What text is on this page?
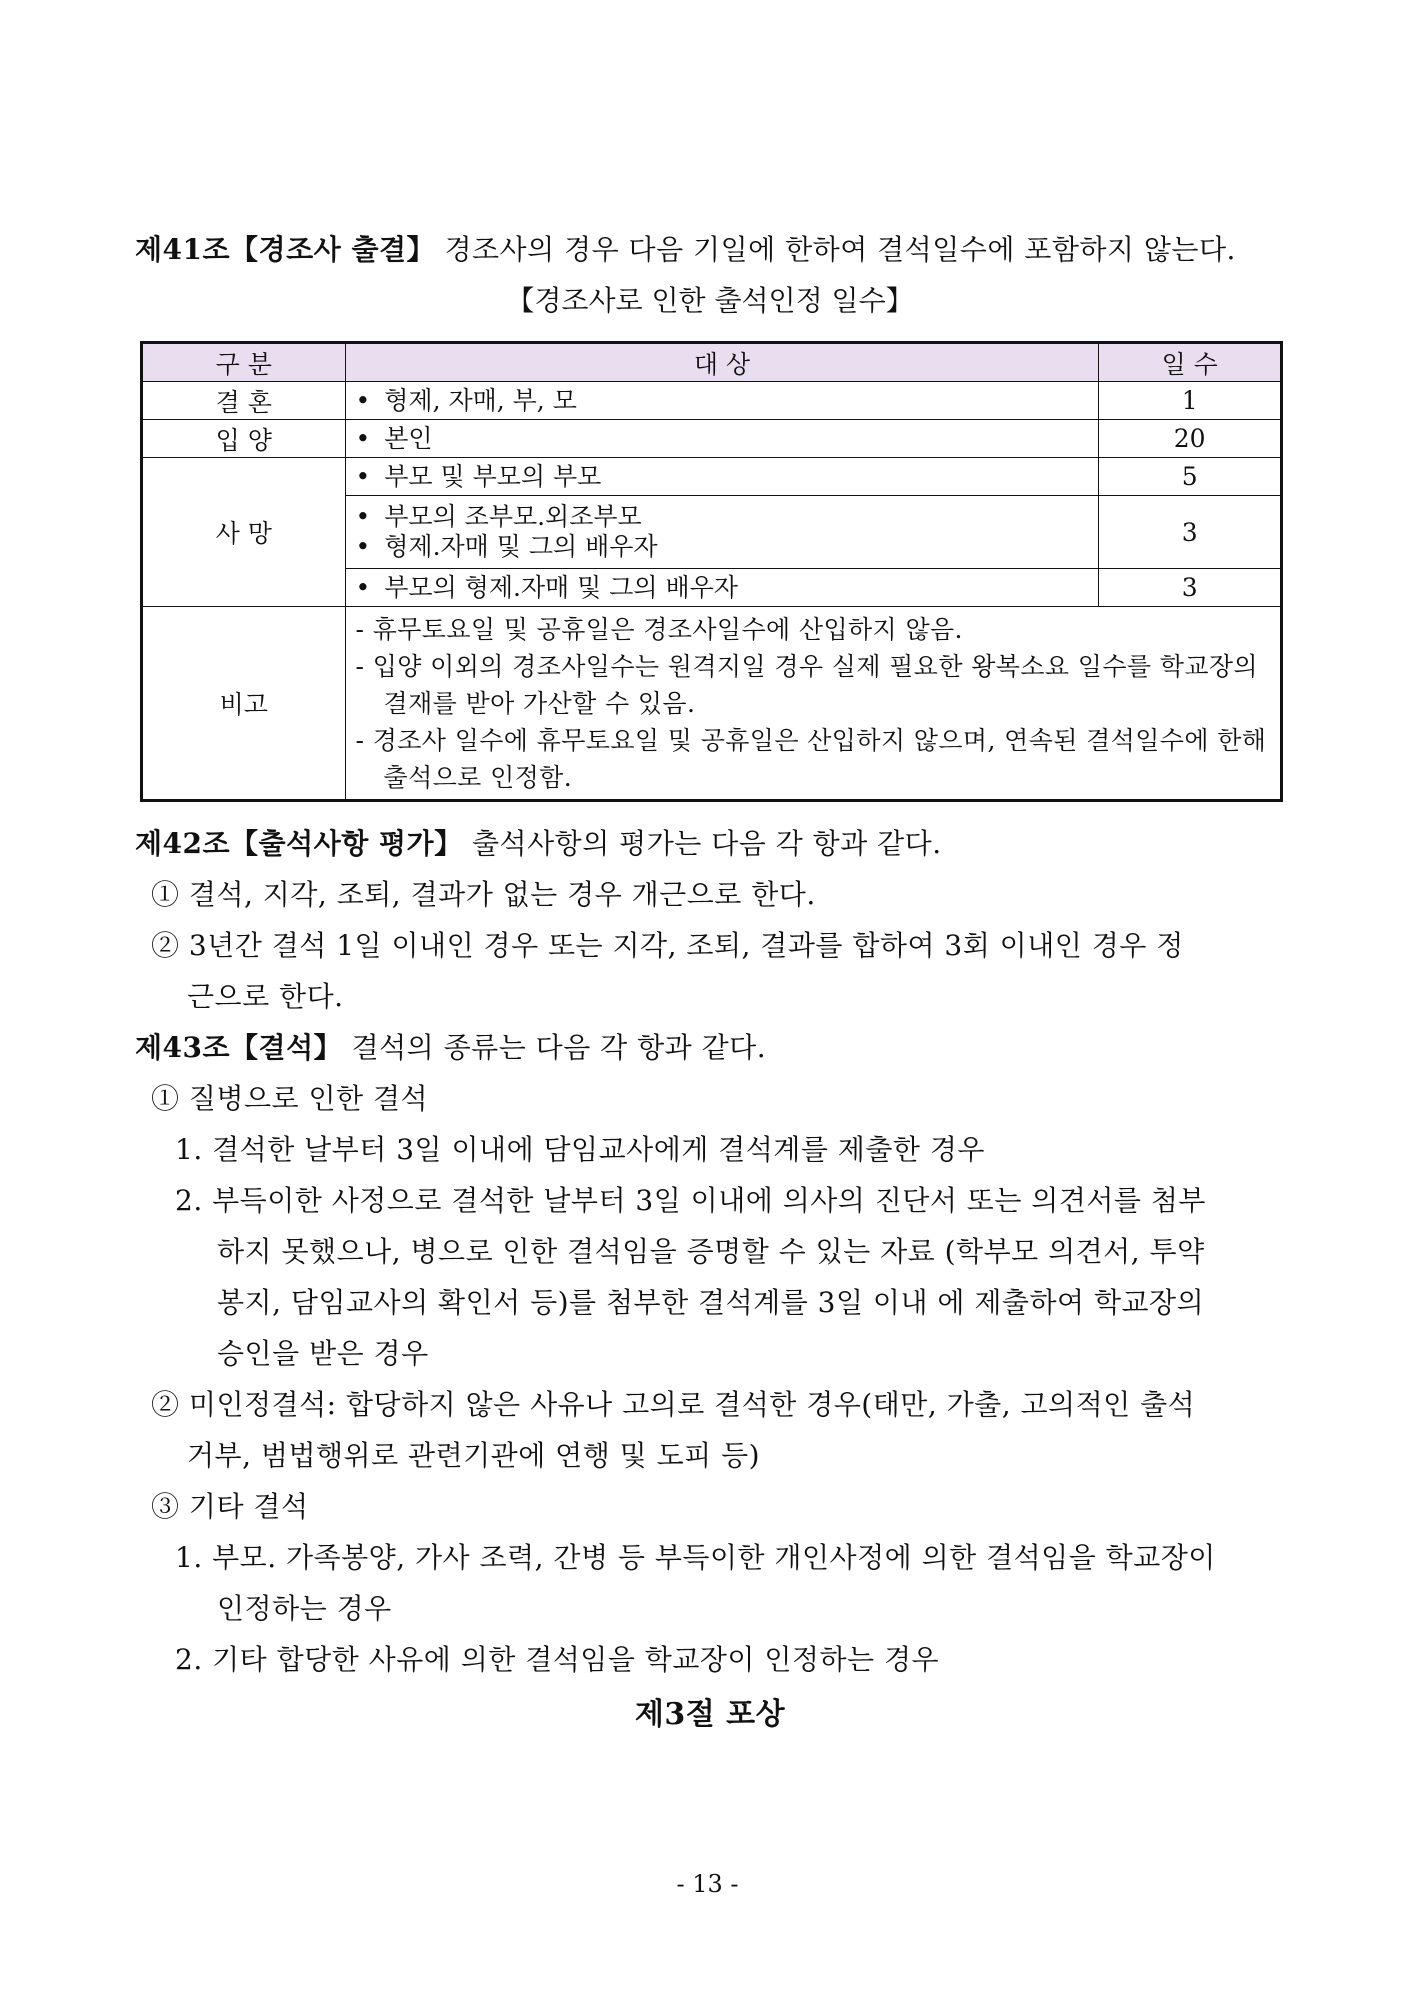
제41조【경조사 출결】 경조사의 경우 다음 기일에 한하여 결석일수에 포함하지 않는다.
【경조사로 인한 출석인정 일수】
구 분	대 상	일 수
결 혼	• 형제, 자매, 부, 모	1
입 양	• 본인	20
사 망	• 부모 및 부모의 부모	5

	• 부모의 조부모.외조부모
• 형제.자매 및 그의 배우자	3

	• 부모의 형제.자매 및 그의 배우자	3
비고	- 휴무토요일 및 공휴일은 경조사일수에 산입하지 않음.
- 입양 이외의 경조사일수는 원격지일 경우 실제 필요한 왕복소요 일수를 학교장의 결재를 받아 가산할 수 있음.
- 경조사 일수에 휴무토요일 및 공휴일은 산입하지 않으며, 연속된 결석일수에 한해 출석으로 인정함.	
제42조【출석사항 평가】 출석사항의 평가는 다음 각 항과 같다.
① 결석, 지각, 조퇴, 결과가 없는 경우 개근으로 한다.
② 3년간 결석 1일 이내인 경우 또는 지각, 조퇴, 결과를 합하여 3회 이내인 경우 정
근으로 한다.
제43조【결석】 결석의 종류는 다음 각 항과 같다.
① 질병으로 인한 결석
1. 결석한 날부터 3일 이내에 담임교사에게 결석계를 제출한 경우
2. 부득이한 사정으로 결석한 날부터 3일 이내에 의사의 진단서 또는 의견서를 첨부
하지 못했으나, 병으로 인한 결석임을 증명할 수 있는 자료 (학부모 의견서, 투약
봉지, 담임교사의 확인서 등)를 첨부한 결석계를 3일 이내 에 제출하여 학교장의
승인을 받은 경우
② 미인정결석: 합당하지 않은 사유나 고의로 결석한 경우(태만, 가출, 고의적인 출석
거부, 범법행위로 관련기관에 연행 및 도피 등)
③ 기타 결석
1. 부모. 가족봉양, 가사 조력, 간병 등 부득이한 개인사정에 의한 결석임을 학교장이
인정하는 경우
2. 기타 합당한 사유에 의한 결석임을 학교장이 인정하는 경우
제3절 포상
- 13 -
